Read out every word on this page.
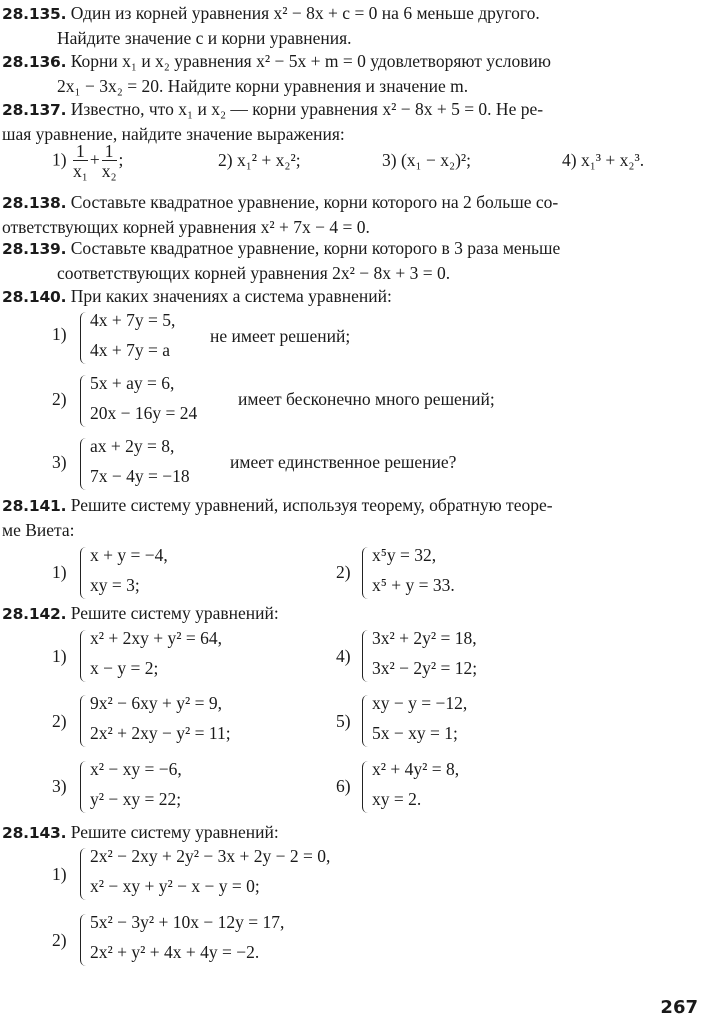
28.135. Один из корней уравнения x² − 8x + c = 0 на 6 меньше другого.
Найдите значение c и корни уравнения.
28.136. Корни x₁ и x₂ уравнения x² − 5x + m = 0 удовлетворяют условию
2x₁ − 3x₂ = 20. Найдите корни уравнения и значение m.
28.137. Известно, что x₁ и x₂ — корни уравнения x² − 8x + 5 = 0. Не ре-
шая уравнение, найдите значение выражения:
$1) \frac{1}{\text{x₁}} + \frac{1}{\text{x₂}}$ ;	2) x₁² + x₂²;	3) (x₁ − x₂)²;	4) x₁³ + x₂³.
28.138. Составьте квадратное уравнение, корни которого на 2 больше со-
ответствующих корней уравнения x² + 7x − 4 = 0.
28.139. Составьте квадратное уравнение, корни которого в 3 раза меньше
соответствующих корней уравнения 2x² − 8x + 3 = 0.
28.140. При каких значениях a система уравнений:
1)
4x + 7y = 5,
4x + 7y = a
не имеет решений;
2)
5x + ay = 6,
20x − 16y = 24
имеет бесконечно много решений;
3)
ax + 2y = 8,
7x − 4y = −18
имеет единственное решение?
28.141. Решите систему уравнений, используя теорему, обратную теоре-
ме Виета:
1)
x + y = −4,
xy = 3;
2)
x⁵y = 32,
x⁵ + y = 33.
28.142. Решите систему уравнений:
1)
x² + 2xy + y² = 64,
x − y = 2;
4)
3x² + 2y² = 18,
3x² − 2y² = 12;
2)
9x² − 6xy + y² = 9,
2x² + 2xy − y² = 11;
5)
xy − y = −12,
5x − xy = 1;
3)
x² − xy = −6,
y² − xy = 22;
6)
x² + 4y² = 8,
xy = 2.
28.143. Решите систему уравнений:
1)
2x² − 2xy + 2y² − 3x + 2y − 2 = 0,
x² − xy + y² − x − y = 0;
2)
5x² − 3y² + 10x − 12y = 17,
2x² + y² + 4x + 4y = −2.
267
